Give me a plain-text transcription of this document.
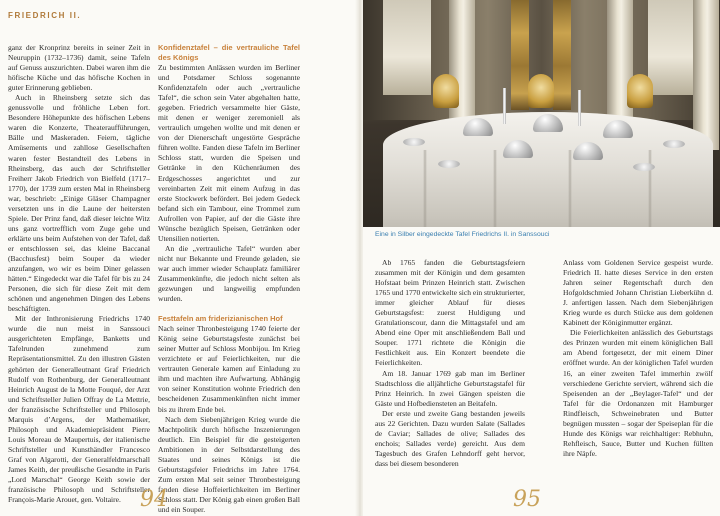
FRIEDRICH II.

ganz der Kronprinz bereits in seiner Zeit in Neuruppin (1732–1736) damit, seine Tafeln auf Genuss auszurichten. Dabei waren ihm die höfische Küche und das höfische Kochen in guter Erinnerung geblieben.

Auch in Rheinsberg setzte sich das genussvolle und fröhliche Leben fort. Besondere Höhepunkte des höfischen Lebens waren die Konzerte, Theateraufführungen, Bälle und Maskeraden. Feiern, tägliche Amüsements und zahllose Gesellschaften waren fester Bestandteil des Lebens in Rheinsberg, das auch der Schriftsteller Freiherr Jakob Friedrich von Bielfeld (1717–1770), der 1739 zum ersten Mal in Rheinsberg war, beschrieb: „Einige Gläser Champagner versetzten uns in die Laune der heitersten Spiele. Der Prinz fand, daß dieser leichte Witz uns ganz vortrefflich vom Zuge gehe und erklärte uns beim Aufstehen von der Tafel, daß er entschlossen sei, das kleine Baccanal (Bacchusfest) beim Souper da wieder anzufangen, wo wir es beim Diner gelassen hätten.“ Eingedeckt war die Tafel für bis zu 24 Personen, die sich für diese Zeit mit dem schönen und angenehmen Dingen des Lebens beschäftigten.

Mit der Inthronisierung Friedrichs 1740 wurde die nun meist in Sanssouci ausgerichteten Empfänge, Banketts und Tafelrunden zunehmend zum Repräsentationsmittel. Zu den illustren Gästen gehörten der Generalleutnant Graf Friedrich Rudolf von Rothenburg, der Generalleutnant Heinrich August de la Motte Fouqué, der Arzt und Schriftsteller Julien Offray de La Mettrie, der französische Schriftsteller und Philosoph Marquis d’Argens, der Mathematiker, Philosoph und Akademiepräsident Pierre Louis Moreau de Maupertuis, der italienische Schriftsteller und Kunsthändler Francesco Graf von Algarotti, der Generalfeldmarschall James Keith, der preußische Gesandte in Paris „Lord Marschal“ George Keith sowie der französische Philosoph und Schriftsteller François-Marie Arouet, gen. Voltaire.

Konfidenztafel – die vertrauliche Tafel des Königs

Zu bestimmten Anlässen wurden im Berliner und Potsdamer Schloss sogenannte Konfidenztafeln oder auch „vertrauliche Tafel“, die schon sein Vater abgehalten hatte, gegeben. Friedrich versammelte hier Gäste, mit denen er weniger zeremoniell als vertraulich umgehen wollte und mit denen er von der Dienerschaft ungestörte Gespräche führen wollte. Fanden diese Tafeln im Berliner Schloss statt, wurden die Speisen und Getränke in den Küchenräumen des Erdgeschosses angerichtet und zur vereinbarten Zeit mit einem Aufzug in das erste Stockwerk befördert. Bei jedem Gedeck befand sich ein Tambour, eine Trommel zum Aufrollen von Papier, auf der die Gäste ihre Wünsche bezüglich Speisen, Getränken oder Utensilien notierten.

An die „vertrauliche Tafel“ wurden aber nicht nur Bekannte und Freunde geladen, sie war auch immer wieder Schauplatz familiärer Zusammenkünfte, die jedoch nicht selten als gezwungen und langweilig empfunden wurden.

Festtafeln am friderizianischen Hof

Nach seiner Thronbesteigung 1740 feierte der König seine Geburtstagsfeste zunächst bei seiner Mutter auf Schloss Monbijou. Im Krieg verzichtete er auf Feierlichkeiten, nur die vertrauten Generale kamen auf Einladung zu ihm und machten ihre Aufwartung. Abhängig von seiner Konstitution wohnte Friedrich den bescheidenen Zusammenkünften nicht immer bis zu ihrem Ende bei.

Nach dem Siebenjährigen Krieg wurde die Machtpolitik durch höfische Inszenierungen deutlich. Ein Beispiel für die gesteigerten Ambitionen in der Selbstdarstellung des Staates und seines Königs ist die Geburtstagsfeier Friedrichs im Jahre 1764. Zum ersten Mal seit seiner Thronbesteigung fanden diese Hoffeierlichkeiten im Berliner Schloss statt. Der König gab einen großen Ball und ein Souper.

94
Eine in Silber eingedeckte Tafel Friedrichs II. in Sanssouci

Ab 1765 fanden die Geburtstagsfeiern zusammen mit der Königin und dem gesamten Hofstaat beim Prinzen Heinrich statt. Zwischen 1765 und 1770 entwickelte sich ein strukturierter, immer gleicher Ablauf für dieses Geburtstagsfest: zuerst Huldigung und Gratulationscour, dann die Mittagstafel und am Abend eine Oper mit anschließendem Ball und Souper. 1771 richtete die Königin die Festlichkeit aus. Ein Konzert beendete die Feierlichkeiten.

Am 18. Januar 1769 gab man im Berliner Stadtschloss die alljährliche Geburtstagstafel für Prinz Heinrich. In zwei Gängen speisten die Gäste und Hofbediensteten an Beitafeln.

Der erste und zweite Gang bestanden jeweils aus 22 Gerichten. Dazu wurden Salate (Sallades de Caviar; Sallades de olive; Sallades des enchois; Sallades verde) gereicht. Aus dem Tagesbuch des Grafen Lehndorff geht hervor, dass bei diesem besonderen

Anlass vom Goldenen Service gespeist wurde. Friedrich II. hatte dieses Service in den ersten Jahren seiner Regentschaft durch den Hofgoldschmied Johann Christian Lieberkühn d. J. anfertigen lassen. Nach dem Siebenjährigen Krieg wurde es durch Stücke aus dem goldenen Kabinett der Königinmutter ergänzt.

Die Feierlichkeiten anlässlich des Geburtstags des Prinzen wurden mit einem königlichen Ball am Abend fortgesetzt, der mit einem Diner eröffnet wurde. An der königlichen Tafel wurden 16, an einer zweiten Tafel immerhin zwölf verschiedene Gerichte serviert, während sich die Speisenden an der „Beylager-Tafel“ und der Tafel für die Ordonanzen mit Hamburger Rindfleisch, Schweinebraten und Butter begnügen mussten – sogar der Speiseplan für die Hunde des Königs war reichhaltiger: Rebhuhn, Rehfleisch, Sauce, Butter und Kuchen füllten ihre Näpfe.

95
